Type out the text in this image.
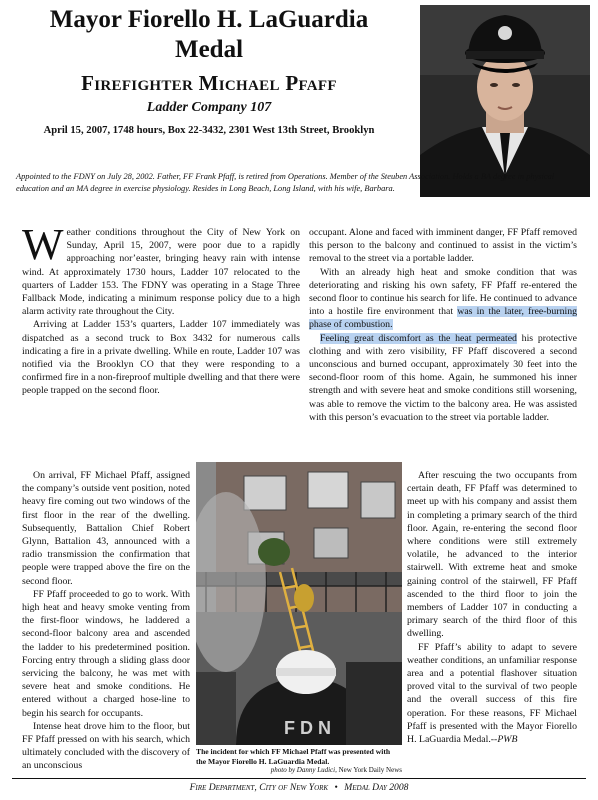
Mayor Fiorello H. LaGuardia
Medal
Firefighter Michael Pfaff
Ladder Company 107
April 15, 2007, 1748 hours, Box 22-3432, 2301 West 13th Street, Brooklyn
Appointed to the FDNY on July 28, 2002. Father, FF Frank Pfaff, is retired from Operations. Member of the Steuben Association. Holds a BA degree in physical education and an MA degree in exercise physiology. Resides in Long Beach, Long Island, with his wife, Barbara.

Weather conditions throughout the City of New York on Sunday, April 15, 2007, were poor due to a rapidly approaching nor’easter, bringing heavy rain with intense wind. At approximately 1730 hours, Ladder 107 relocated to the quarters of Ladder 153. The FDNY was operating in a Stage Three Fallback Mode, indicating a minimum response policy due to a high alarm activity rate throughout the City.

Arriving at Ladder 153’s quarters, Ladder 107 immediately was dispatched as a second truck to Box 3432 for numerous calls indicating a fire in a private dwelling. While en route, Ladder 107 was notified via the Brooklyn CO that they were responding to a confirmed fire in a non-fireproof multiple dwelling and that there were people trapped on the second floor.

On arrival, FF Michael Pfaff, assigned the company’s outside vent position, noted heavy fire coming out two windows of the first floor in the rear of the dwelling. Subsequently, Battalion Chief Robert Glynn, Battalion 43, announced with a radio transmission the confirmation that people were trapped above the fire on the second floor.

FF Pfaff proceeded to go to work. With high heat and heavy smoke venting from the first-floor windows, he laddered a second-floor balcony area and ascended the ladder to his predetermined position. Forcing entry through a sliding glass door servicing the balcony, he was met with severe heat and smoke conditions. He entered without a charged hose-line to begin his search for occupants.

Intense heat drove him to the floor, but FF Pfaff pressed on with his search, which ultimately concluded with the discovery of an unconscious

occupant. Alone and faced with imminent danger, FF Pfaff removed this person to the balcony and continued to assist in the victim’s removal to the street via a portable ladder.

With an already high heat and smoke condition that was deteriorating and risking his own safety, FF Pfaff re-entered the second floor to continue his search for life. He continued to advance into a hostile fire environment that was in the later, free-burning phase of combustion.

Feeling great discomfort as the heat permeated his protective clothing and with zero visibility, FF Pfaff discovered a second unconscious and burned occupant, approximately 30 feet into the second-floor room of this home. Again, he summoned his inner strength and with severe heat and smoke conditions still worsening, was able to remove the victim to the balcony area. He was assisted with this person’s evacuation to the street via portable ladder.

After rescuing the two occupants from certain death, FF Pfaff was determined to meet up with his company and assist them in completing a primary search of the third floor. Again, re-entering the second floor where conditions were still extremely volatile, he advanced to the interior stairwell. With extreme heat and smoke gaining control of the stairwell, FF Pfaff ascended to the third floor to join the members of Ladder 107 in conducting a primary search of the third floor of this dwelling.

FF Pfaff’s ability to adapt to severe weather conditions, an unfamiliar response area and a potential flashover situation proved vital to the survival of two people and the overall success of this fire operation. For these reasons, FF Michael Pfaff is presented with the Mayor Fiorello H. LaGuardia Medal.--PWB

F D N
The incident for which FF Michael Pfaff was presented with the Mayor Fiorello H. LaGuardia Medal.
photo by Danny Ludici, New York Daily News
Fire Department, City of New York • Medal Day 2008
